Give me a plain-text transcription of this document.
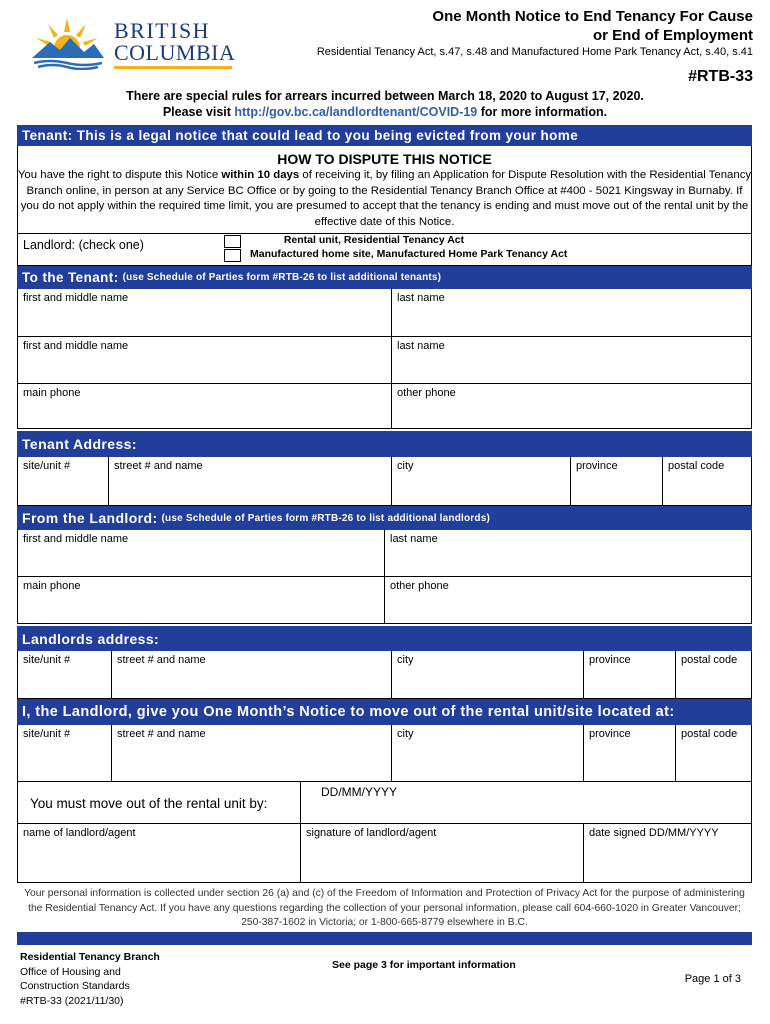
BRITISH
COLUMBIA
One Month Notice to End Tenancy For Cause
or End of Employment
Residential Tenancy Act, s.47, s.48 and Manufactured Home Park Tenancy Act, s.40, s.41
#RTB-33
There are special rules for arrears incurred between March 18, 2020 to August 17, 2020.
Please visit http://gov.bc.ca/landlordtenant/COVID-19 for more information.
Tenant: This is a legal notice that could lead to you being evicted from your home
HOW TO DISPUTE THIS NOTICE
You have the right to dispute this Notice within 10 days of receiving it, by filing an Application for Dispute Resolution with the Residential Tenancy Branch online, in person at any Service BC Office or by going to the Residential Tenancy Branch Office at #400 - 5021 Kingsway in Burnaby. If you do not apply within the required time limit, you are presumed to accept that the tenancy is ending and must move out of the rental unit by the effective date of this Notice.
Landlord: (check one)	Rental unit, Residential Tenancy Act
Manufactured home site, Manufactured Home Park Tenancy Act
To the Tenant: (use Schedule of Parties form #RTB-26 to list additional tenants)
first and middle name	last name
first and middle name	last name
main phone	other phone
Tenant Address:
site/unit #	street # and name	city	province	postal code
From the Landlord: (use Schedule of Parties form #RTB-26 to list additional landlords)
first and middle name	last name
main phone	other phone
Landlords address:
site/unit #	street # and name	city	province	postal code
I, the Landlord, give you One Month’s Notice to move out of the rental unit/site located at:
site/unit #	street # and name	city	province	postal code
You must move out of the rental unit by:
DD/MM/YYYY
name of landlord/agent	signature of landlord/agent	date signed DD/MM/YYYY
Your personal information is collected under section 26 (a) and (c) of the Freedom of Information and Protection of Privacy Act for the purpose of administering the Residential Tenancy Act. If you have any questions regarding the collection of your personal information, please call 604-660-1020 in Greater Vancouver; 250-387-1602 in Victoria; or 1-800-665-8779 elsewhere in B.C.
Residential Tenancy Branch
Office of Housing and
Construction Standards
#RTB-33 (2021/11/30)
See page 3 for important information
Page 1 of 3
